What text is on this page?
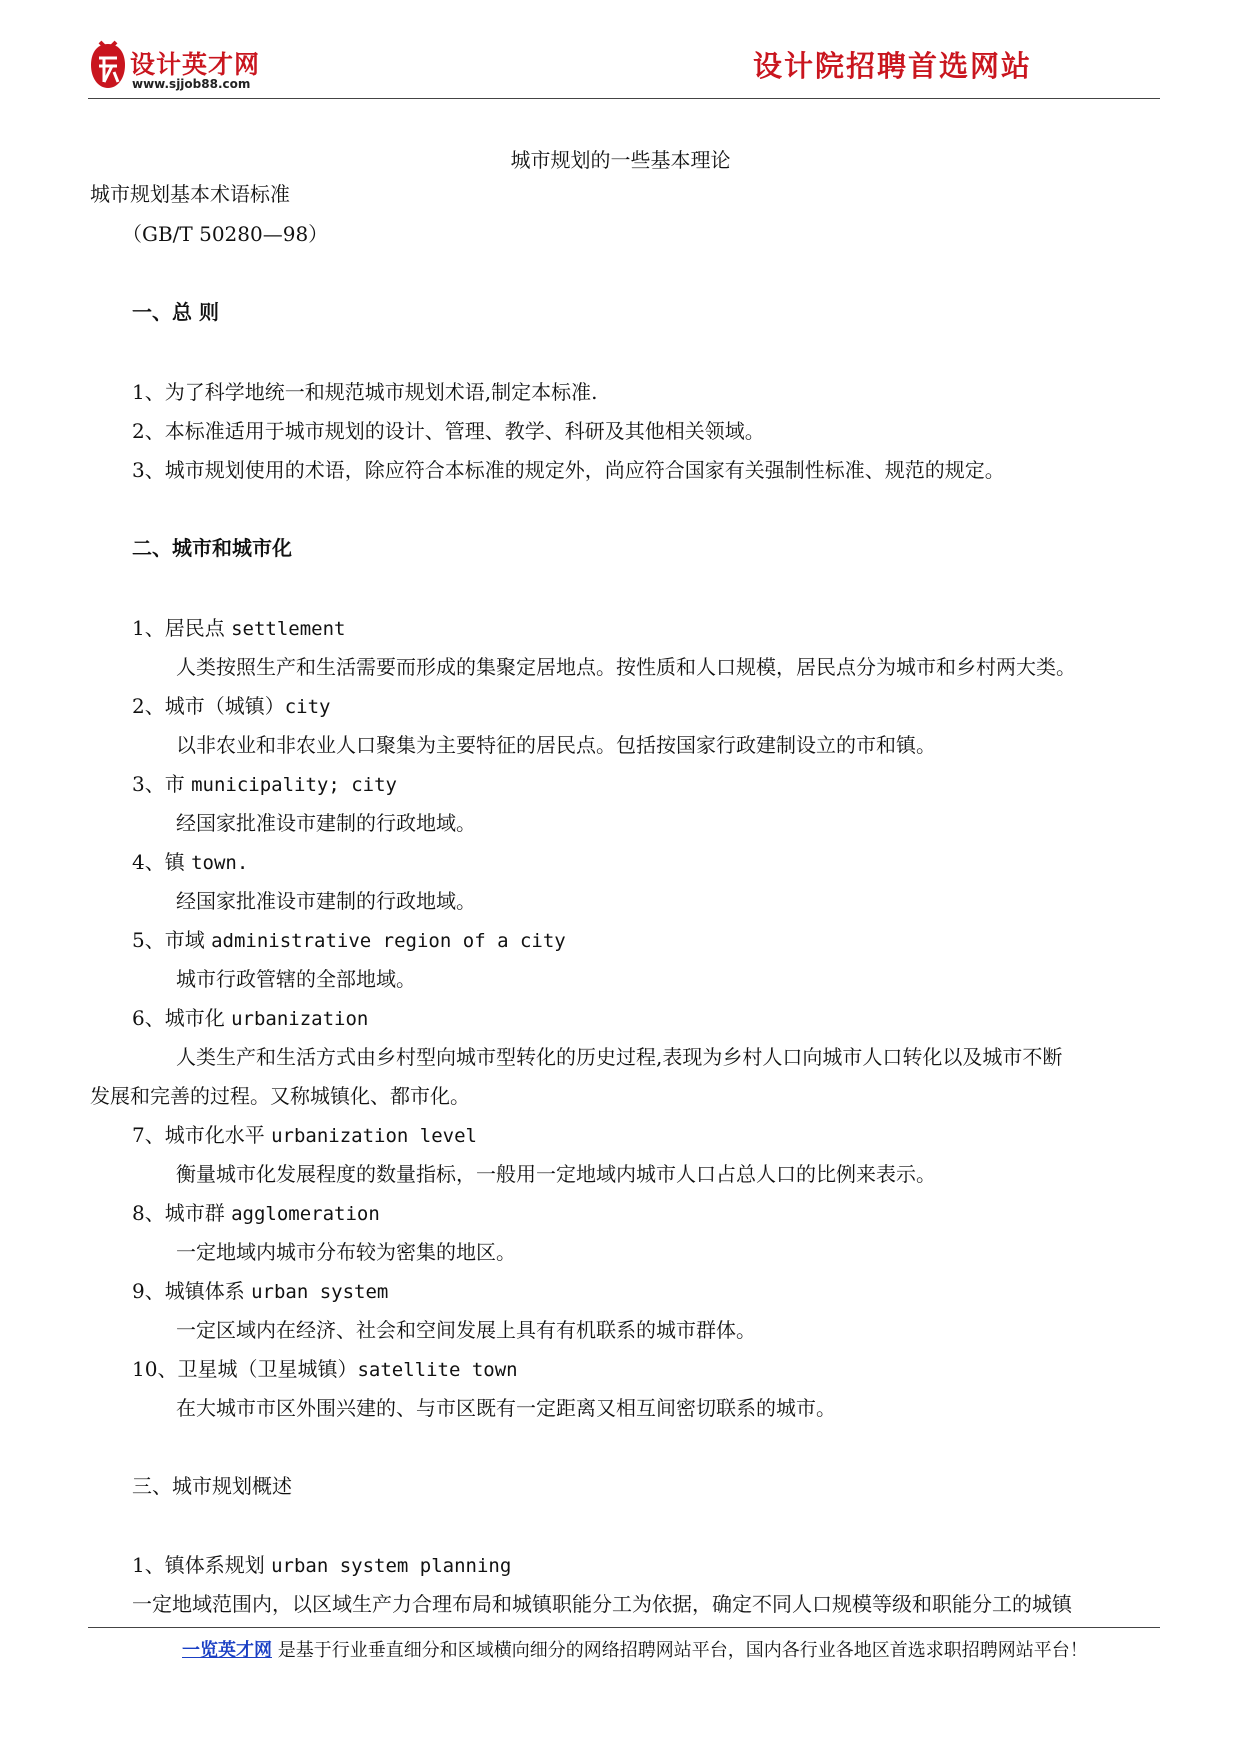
设计英才网
www.sjjob88.com
设计院招聘首选网站
城市规划的一些基本理论
城市规划基本术语标准
（GB/T 50280—98）
一、总 则
1、为了科学地统一和规范城市规划术语,制定本标准.
2、本标准适用于城市规划的设计、管理、教学、科研及其他相关领域。
3、城市规划使用的术语，除应符合本标准的规定外，尚应符合国家有关强制性标准、规范的规定。
二、城市和城市化
1、居民点 settlement
人类按照生产和生活需要而形成的集聚定居地点。按性质和人口规模，居民点分为城市和乡村两大类。
2、城市（城镇）city
以非农业和非农业人口聚集为主要特征的居民点。包括按国家行政建制设立的市和镇。
3、市 municipality; city
经国家批准设市建制的行政地域。
4、镇 town.
经国家批准设市建制的行政地域。
5、市域 administrative region of a city
城市行政管辖的全部地域。
6、城市化 urbanization
人类生产和生活方式由乡村型向城市型转化的历史过程,表现为乡村人口向城市人口转化以及城市不断
发展和完善的过程。又称城镇化、都市化。
7、城市化水平 urbanization level
衡量城市化发展程度的数量指标，一般用一定地域内城市人口占总人口的比例来表示。
8、城市群 agglomeration
一定地域内城市分布较为密集的地区。
9、城镇体系 urban system
一定区域内在经济、社会和空间发展上具有有机联系的城市群体。
10、卫星城（卫星城镇）satellite town
在大城市市区外围兴建的、与市区既有一定距离又相互间密切联系的城市。
三、城市规划概述
1、镇体系规划 urban system planning
一定地域范围内，以区域生产力合理布局和城镇职能分工为依据，确定不同人口规模等级和职能分工的城镇
一览英才网 是基于行业垂直细分和区域横向细分的网络招聘网站平台，国内各行业各地区首选求职招聘网站平台！
